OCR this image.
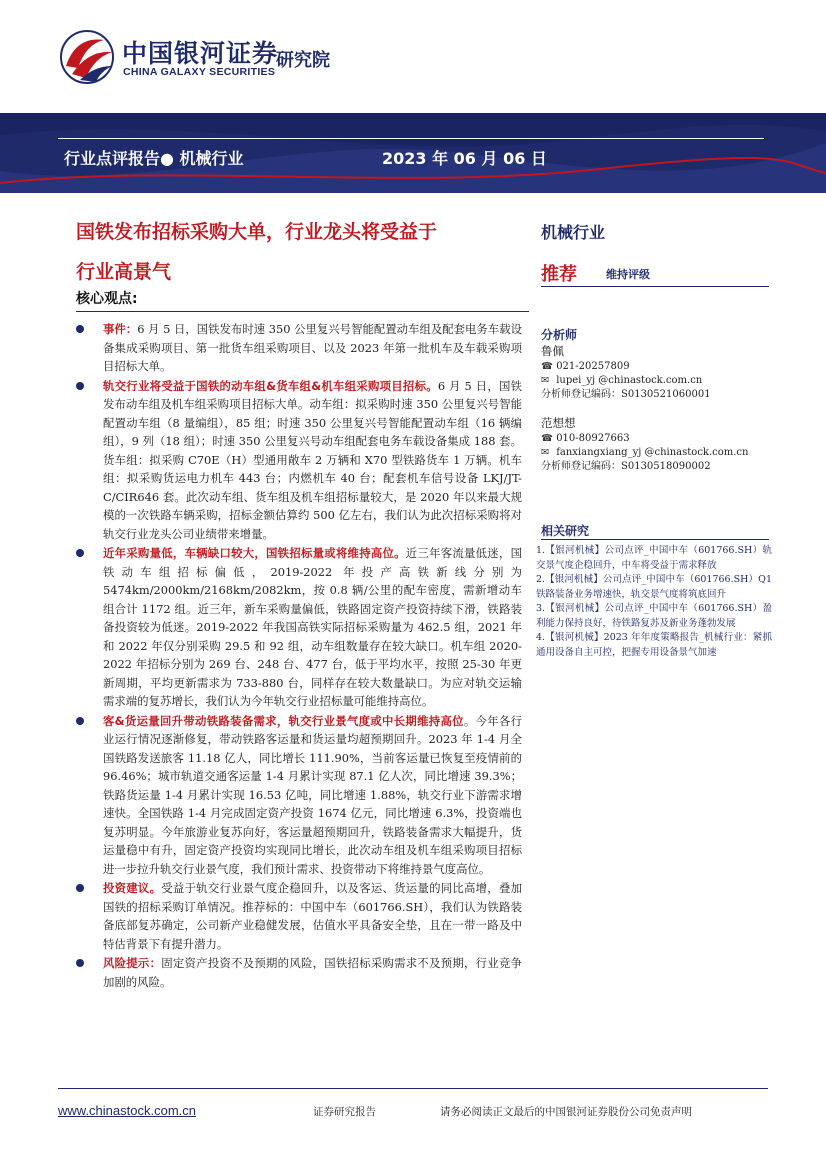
中国银河证券
CHINA GALAXY SECURITIES
研究院
行业点评报告● 机械行业	2023 年 06 月 06 日
国铁发布招标采购大单，行业龙头将受益于
行业高景气
核心观点:
事件：6 月 5 日，国铁发布时速 350 公里复兴号智能配置动车组及配套电务车载设备集成采购项目、第一批货车组采购项目、以及 2023 年第一批机车及车载采购项目招标大单。
轨交行业将受益于国铁的动车组&货车组&机车组采购项目招标。6 月 5 日，国铁发布动车组及机车组采购项目招标大单。动车组：拟采购时速 350 公里复兴号智能配置动车组（8 量编组），85 组；时速 350 公里复兴号智能配置动车组（16 辆编组），9 列（18 组）；时速 350 公里复兴号动车组配套电务车载设备集成 188 套。货车组：拟采购 C70E（H）型通用敞车 2 万辆和 X70 型铁路货车 1 万辆。机车组：拟采购货运电力机车 443 台；内燃机车 40 台；配套机车信号设备 LKJ/JT-C/CIR646 套。此次动车组、货车组及机车组招标量较大，是 2020 年以来最大规模的一次铁路车辆采购，招标金额估算约 500 亿左右，我们认为此次招标采购将对轨交行业龙头公司业绩带来增量。
近年采购量低，车辆缺口较大，国铁招标量或将维持高位。近三年客流量低迷，国铁动车组招标偏低，2019-2022 年投产高铁新线分别为 5474km/2000km/2168km/2082km，按 0.8 辆/公里的配车密度，需新增动车组合计 1172 组。近三年，新车采购量偏低，铁路固定资产投资持续下滑，铁路装备投资较为低迷。2019-2022 年我国高铁实际招标采购量为 462.5 组，2021 年和 2022 年仅分别采购 29.5 和 92 组，动车组数量存在较大缺口。机车组 2020-2022 年招标分别为 269 台、248 台、477 台，低于平均水平，按照 25-30 年更新周期，平均更新需求为 733-880 台，同样存在较大数量缺口。为应对轨交运输需求端的复苏增长，我们认为今年轨交行业招标量可能维持高位。
客&货运量回升带动铁路装备需求，轨交行业景气度或中长期维持高位。今年各行业运行情况逐渐修复，带动铁路客运量和货运量均超预期回升。2023 年 1-4 月全国铁路发送旅客 11.18 亿人，同比增长 111.90%，当前客运量已恢复至疫情前的 96.46%；城市轨道交通客运量 1-4 月累计实现 87.1 亿人次，同比增速 39.3%；铁路货运量 1-4 月累计实现 16.53 亿吨，同比增速 1.88%，轨交行业下游需求增速快。全国铁路 1-4 月完成固定资产投资 1674 亿元，同比增速 6.3%，投资端也复苏明显。今年旅游业复苏向好，客运量超预期回升，铁路装备需求大幅提升，货运量稳中有升，固定资产投资均实现同比增长，此次动车组及机车组采购项目招标进一步拉升轨交行业景气度，我们预计需求、投资带动下将维持景气度高位。
投资建议。受益于轨交行业景气度企稳回升，以及客运、货运量的同比高增，叠加国铁的招标采购订单情况。推荐标的：中国中车（601766.SH），我们认为铁路装备底部复苏确定，公司新产业稳健发展，估值水平具备安全垫，且在一带一路及中特估背景下有提升潜力。
风险提示：固定资产投资不及预期的风险，国铁招标采购需求不及预期，行业竞争加剧的风险。
机械行业
推荐	维持评级
分析师
鲁佩
☎ 021-20257809
✉ lupei_yj @chinastock.com.cn
分析师登记编码：S0130521060001
范想想
☎ 010-80927663
✉ fanxiangxiang_yj @chinastock.com.cn
分析师登记编码：S0130518090002
相关研究
1.【银河机械】公司点评_中国中车（601766.SH）轨交景气度企稳回升，中车将受益于需求释放
2.【银河机械】公司点评_中国中车（601766.SH）Q1 铁路装备业务增速快，轨交景气度将筑底回升
3.【银河机械】公司点评_中国中车（601766.SH）盈利能力保持良好，待铁路复苏及新业务蓬勃发展
4.【银河机械】2023 年年度策略报告_机械行业：紧抓通用设备自主可控，把握专用设备景气加速
www.chinastock.com.cn	证券研究报告	请务必阅读正文最后的中国银河证券股份公司免责声明
